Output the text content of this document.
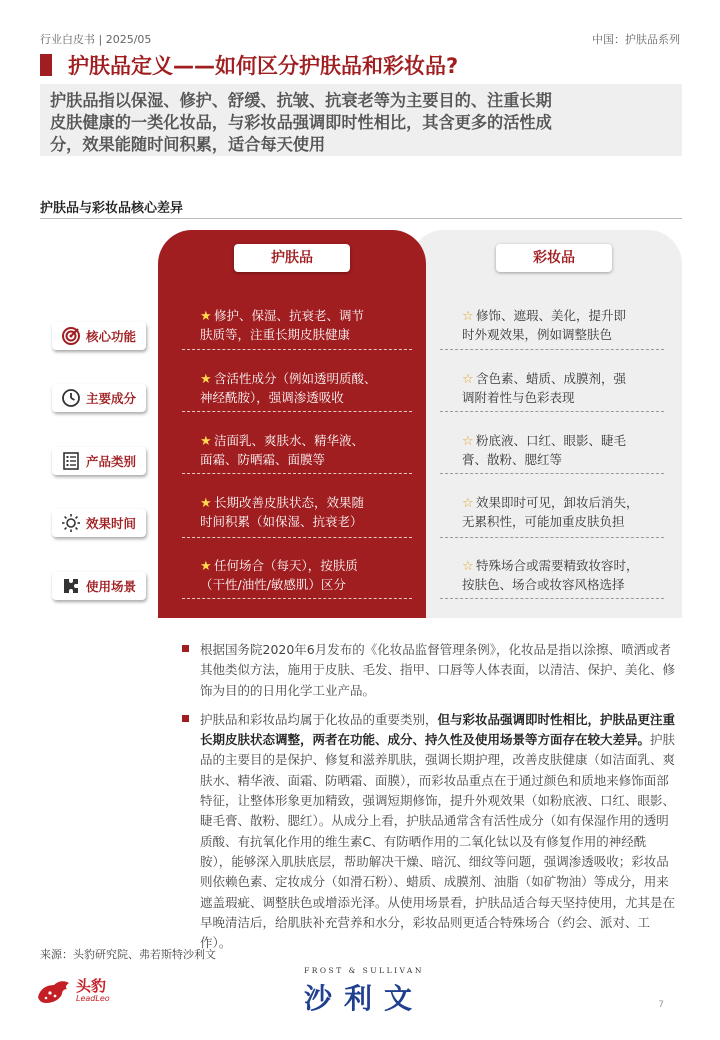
行业白皮书 | 2025/05	中国：护肤品系列
护肤品定义——如何区分护肤品和彩妆品?

护肤品指以保湿、修护、舒缓、抗皱、抗衰老等为主要目的、注重长期

皮肤健康的一类化妆品，与彩妆品强调即时性相比，其含更多的活性成

分，效果能随时间积累，适合每天使用

护肤品与彩妆品核心差异
护肤品	彩妆品
核心功能
★ 修护、保湿、抗衰老、调节
肤质等，注重长期皮肤健康
☆ 修饰、遮瑕、美化，提升即
时外观效果，例如调整肤色
主要成分
★ 含活性成分（例如透明质酸、
神经酰胺），强调渗透吸收
☆ 含色素、蜡质、成膜剂，强
调附着性与色彩表现
产品类别
★ 洁面乳、爽肤水、精华液、
面霜、防晒霜、面膜等
☆ 粉底液、口红、眼影、睫毛
膏、散粉、腮红等
效果时间
★ 长期改善皮肤状态，效果随
时间积累（如保湿、抗衰老）
☆ 效果即时可见，卸妆后消失，
无累积性，可能加重皮肤负担
使用场景
★ 任何场合（每天），按肤质
（干性/油性/敏感肌）区分
☆ 特殊场合或需要精致妆容时，
按肤色、场合或妆容风格选择
根据国务院2020年6月发布的《化妆品监督管理条例》，化妆品是指以涂擦、喷洒或者其他类似方法，施用于皮肤、毛发、指甲、口唇等人体表面，以清洁、保护、美化、修饰为目的的日用化学工业产品。
护肤品和彩妆品均属于化妆品的重要类别，但与彩妆品强调即时性相比，护肤品更注重长期皮肤状态调整，两者在功能、成分、持久性及使用场景等方面存在较大差异。护肤品的主要目的是保护、修复和滋养肌肤，强调长期护理，改善皮肤健康（如洁面乳、爽肤水、精华液、面霜、防晒霜、面膜），而彩妆品重点在于通过颜色和质地来修饰面部特征，让整体形象更加精致，强调短期修饰，提升外观效果（如粉底液、口红、眼影、睫毛膏、散粉、腮红）。从成分上看，护肤品通常含有活性成分（如有保湿作用的透明质酸、有抗氧化作用的维生素C、有防晒作用的二氧化钛以及有修复作用的神经酰胺），能够深入肌肤底层，帮助解决干燥、暗沉、细纹等问题，强调渗透吸收；彩妆品则依赖色素、定妆成分（如滑石粉）、蜡质、成膜剂、油脂（如矿物油）等成分，用来遮盖瑕疵、调整肤色或增添光泽。从使用场景看，护肤品适合每天坚持使用，尤其是在早晚清洁后，给肌肤补充营养和水分，彩妆品则更适合特殊场合（约会、派对、工作）。
来源：头豹研究院、弗若斯特沙利文
头豹
LeadLeo
FROST & SULLIVAN
沙利文	7
